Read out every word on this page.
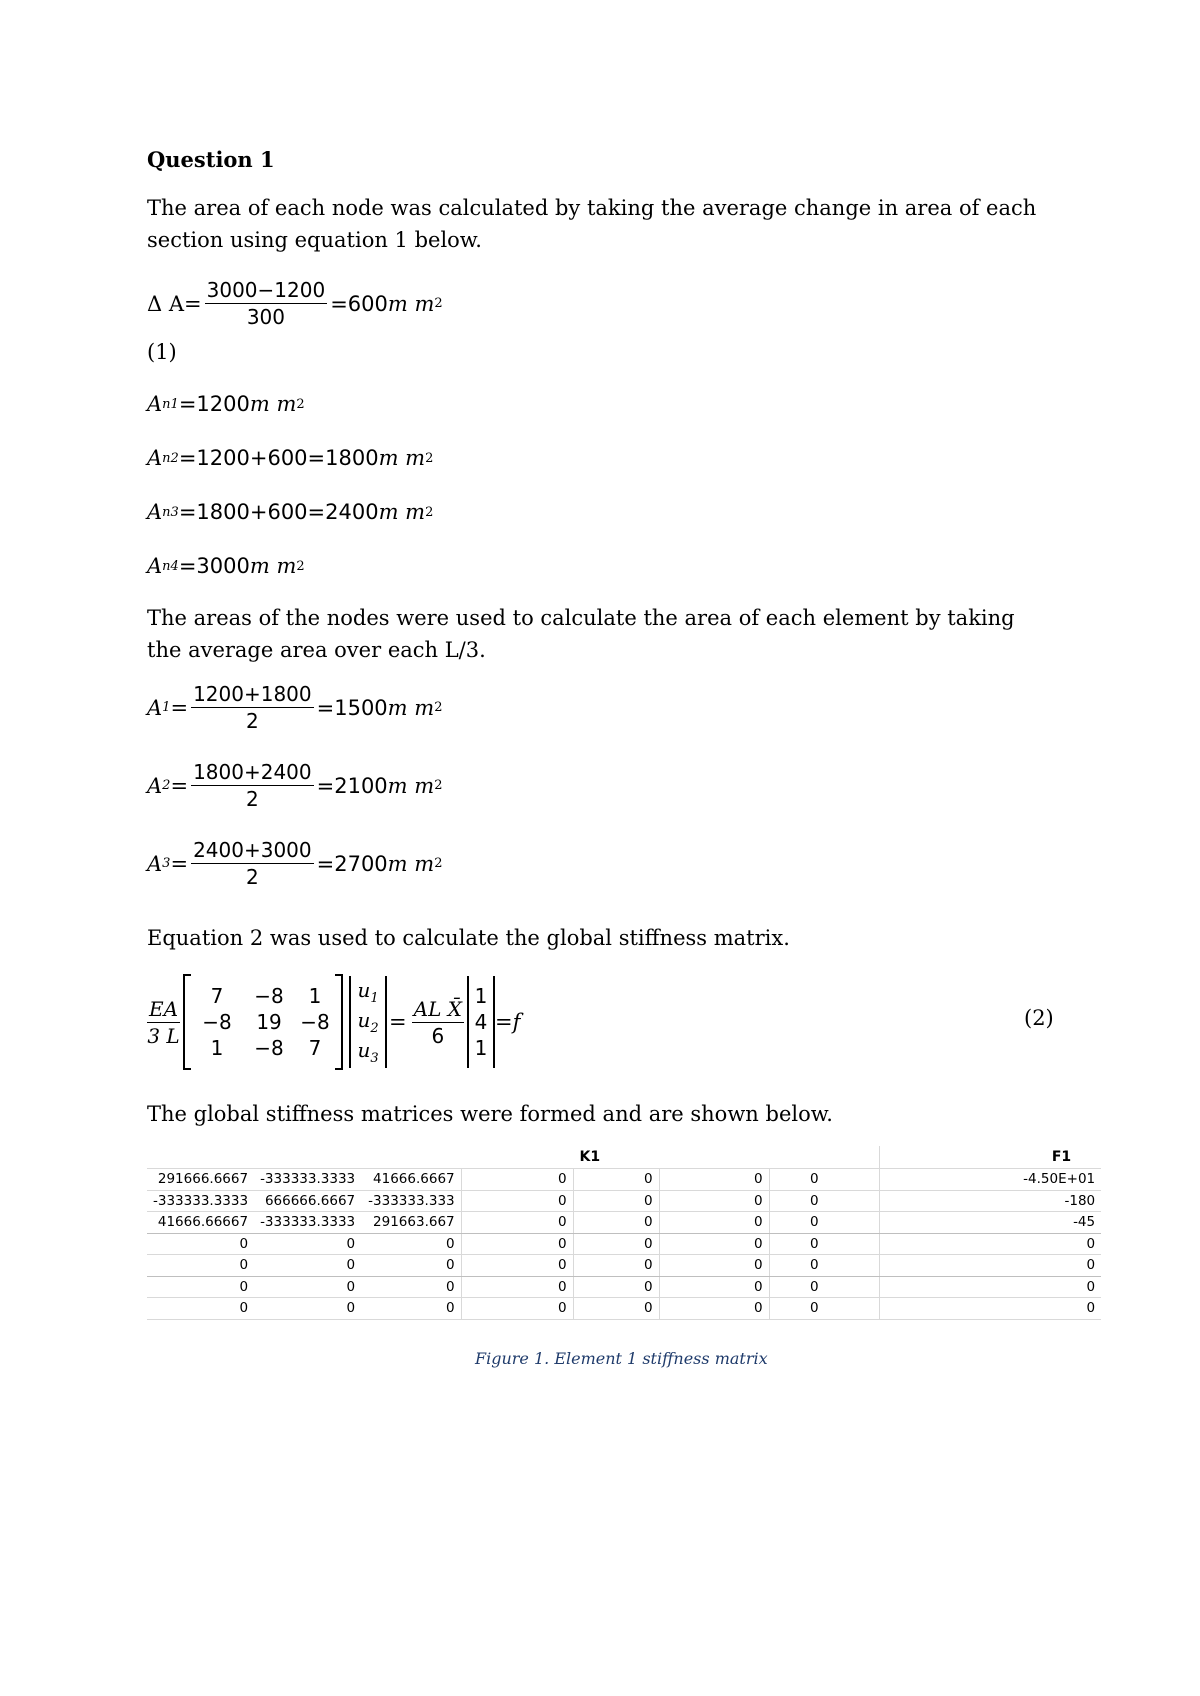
Question 1
The area of each node was calculated by taking the average change in area of each section using equation 1 below.
Δ $A = \frac{3000-1200}{300} =600$ m m 2
(1)
A n1 =1200 m m 2
A n2 =1200+600=1800 m m 2
A n3 =1800+600=2400 m m 2
A n4 =3000 m m 2
The areas of the nodes were used to calculate the area of each element by taking the average area over each L/3.
A $1 = \frac{1200+1800}{2} =1500$ m m 2
A $2 = \frac{1800+2400}{2} =2100$ m m 2
A $3 = \frac{2400+3000}{2} =2700$ m m 2
Equation 2 was used to calculate the global stiffness matrix.
$\frac{EA}{3 L}$
7	−8	1
−8	19 −8
1	−8	7
$u_1$
$u_2$
$u_3$
= $\frac{\text{AL X̄}}{6}$
1
4
1
=f	(2)
The global stiffness matrices were formed and are shown below.
K1							F1
291666.6667	-333333.3333	41666.6667	0	0	0	0	-4.50E+01
-333333.3333	666666.6667	-333333.333	0	0	0	0	-180
41666.66667	-333333.3333	291663.667	0	0	0	0	-45
0	0	0	0	0	0	0	0
0	0	0	0	0	0	0	0
0	0	0	0	0	0	0	0
0	0	0	0	0	0	0	0
Figure 1. Element 1 stiffness matrix
